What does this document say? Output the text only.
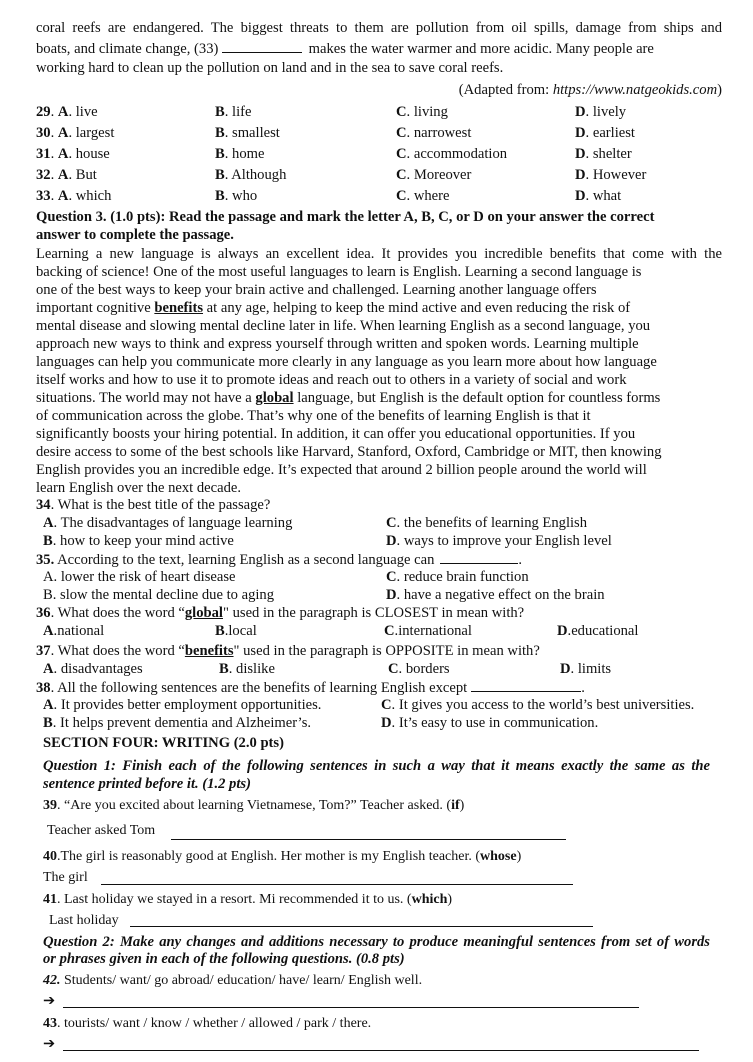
coral reefs are endangered. The biggest threats to them are pollution from oil spills, damage from ships and
boats, and climate change, (33)	makes the water warmer and more acidic. Many people are
working hard to clean up the pollution on land and in the sea to save coral reefs.
(Adapted from: https://www.natgeokids.com)
29. A. live	B. life	C. living	D. lively
30. A. largest	B. smallest	C. narrowest	D. earliest
31. A. house	B. home	C. accommodation	D. shelter
32. A. But	B. Although	C. Moreover	D. However
33. A. which	B. who	C. where	D. what
Question 3. (1.0 pts): Read the passage and mark the letter A, B, C, or D on your answer the correct
answer to complete the passage.
Learning a new language is always an excellent idea. It provides you incredible benefits that come with the
backing of science! One of the most useful languages to learn is English. Learning a second language is
one of the best ways to keep your brain active and challenged. Learning another language offers
important cognitive benefits at any age, helping to keep the mind active and even reducing the risk of
mental disease and slowing mental decline later in life. When learning English as a second language, you
approach new ways to think and express yourself through written and spoken words. Learning multiple
languages can help you communicate more clearly in any language as you learn more about how language
itself works and how to use it to promote ideas and reach out to others in a variety of social and work
situations. The world may not have a global language, but English is the default option for countless forms
of communication across the globe. That’s why one of the benefits of learning English is that it
significantly boosts your hiring potential. In addition, it can offer you educational opportunities. If you
desire access to some of the best schools like Harvard, Stanford, Oxford, Cambridge or MIT, then knowing
English provides you an incredible edge. It’s expected that around 2 billion people around the world will
learn English over the next decade.
34. What is the best title of the passage?
A. The disadvantages of language learning	C. the benefits of learning English
B. how to keep your mind active	D. ways to improve your English level
35. According to the text, learning English as a second language can	.
A. lower the risk of heart disease	C. reduce brain function
B. slow the mental decline due to aging	D. have a negative effect on the brain
36. What does the word “global" used in the paragraph is CLOSEST in mean with?
A.national	B.local	C.international	D.educational
37. What does the word “benefits" used in the paragraph is OPPOSITE in mean with?
A. disadvantages	B. dislike	C. borders	D. limits
38. All the following sentences are the benefits of learning English except	.
A. It provides better employment opportunities.	C. It gives you access to the world’s best universities.
B. It helps prevent dementia and Alzheimer’s.	D. It’s easy to use in communication.
SECTION FOUR: WRITING (2.0 pts)
Question 1: Finish each of the following sentences in such a way that it means exactly the same as the
sentence printed before it. (1.2 pts)
39. “Are you excited about learning Vietnamese, Tom?” Teacher asked. (if)
Teacher asked Tom
40.The girl is reasonably good at English. Her mother is my English teacher. (whose)
The girl
41. Last holiday we stayed in a resort. Mi recommended it to us. (which)
Last holiday
Question 2: Make any changes and additions necessary to produce meaningful sentences from set of words
or phrases given in each of the following questions. (0.8 pts)
42. Students/ want/ go abroad/ education/ have/ learn/ English well.
➔
43. tourists/ want / know / whether / allowed / park / there.
➔
